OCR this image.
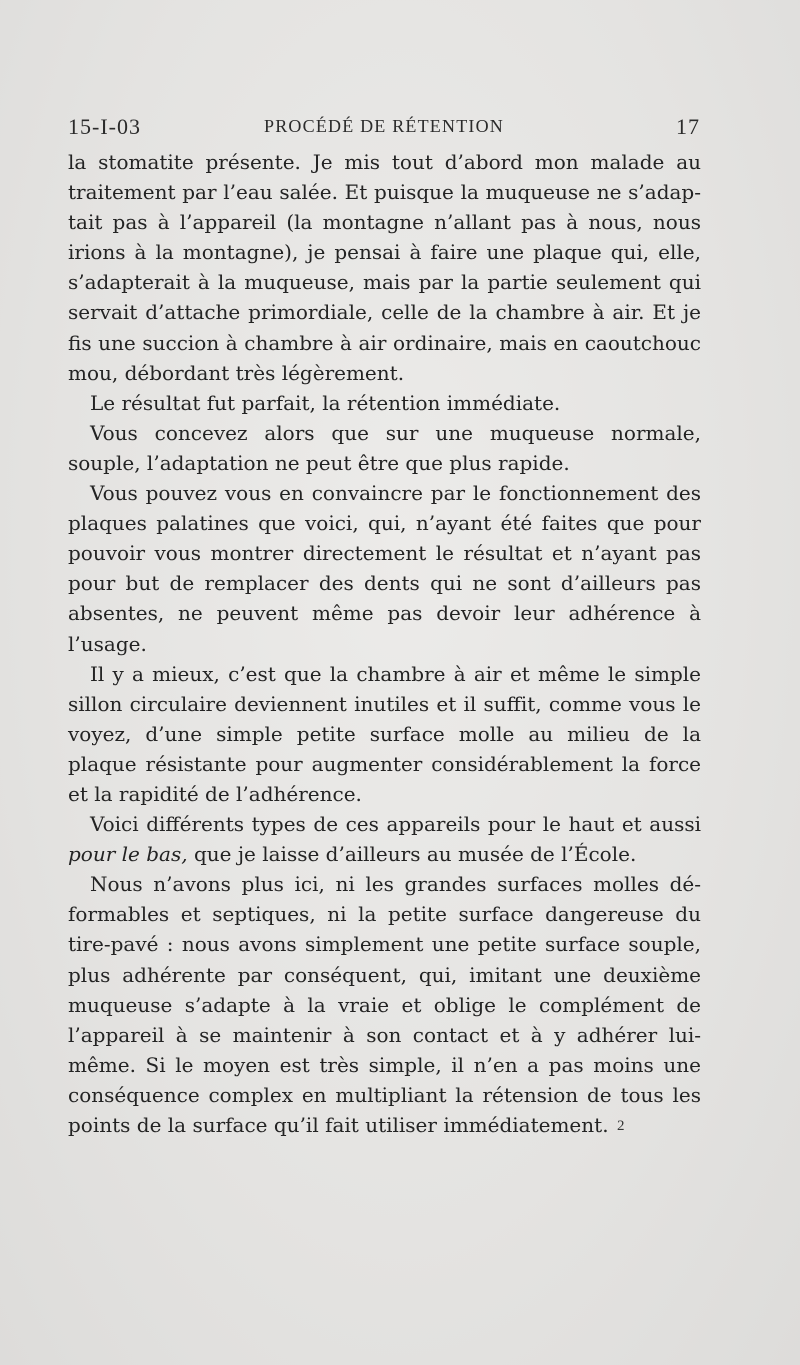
15-I-03	PROCÉDÉ DE RÉTENTION	17

la stomatite présente. Je mis tout d’abord mon malade au traitement par l’eau salée. Et puisque la muqueuse ne s’adaptait pas à l’appareil (la montagne n’allant pas à nous, nous irions à la montagne), je pensai à faire une plaque qui, elle, s’adapterait à la muqueuse, mais par la partie seulement qui servait d’attache primordiale, celle de la chambre à air. Et je fis une succion à chambre à air ordinaire, mais en caoutchouc mou, débordant très légèrement.

Le résultat fut parfait, la rétention immédiate.

Vous concevez alors que sur une muqueuse normale, souple, l’adaptation ne peut être que plus rapide.

Vous pouvez vous en convaincre par le fonctionnement des plaques palatines que voici, qui, n’ayant été faites que pour pouvoir vous montrer directement le résultat et n’ayant pas pour but de remplacer des dents qui ne sont d’ailleurs pas absentes, ne peuvent même pas devoir leur adhérence à l’usage.

Il y a mieux, c’est que la chambre à air et même le simple sillon circulaire deviennent inutiles et il suffit, comme vous le voyez, d’une simple petite surface molle au milieu de la plaque résistante pour augmenter considérablement la force et la rapidité de l’adhérence.

Voici différents types de ces appareils pour le haut et aussi pour le bas, que je laisse d’ailleurs au musée de l’École.

Nous n’avons plus ici, ni les grandes surfaces molles déformables et septiques, ni la petite surface dangereuse du tire-pavé : nous avons simplement une petite surface souple, plus adhérente par conséquent, qui, imitant une deuxième muqueuse s’adapte à la vraie et oblige le complément de l’appareil à se maintenir à son contact et à y adhérer lui-même. Si le moyen est très simple, il n’en a pas moins une conséquence complex en multipliant la rétension de tous les points de la surface qu’il fait utiliser immédiatement. 2
